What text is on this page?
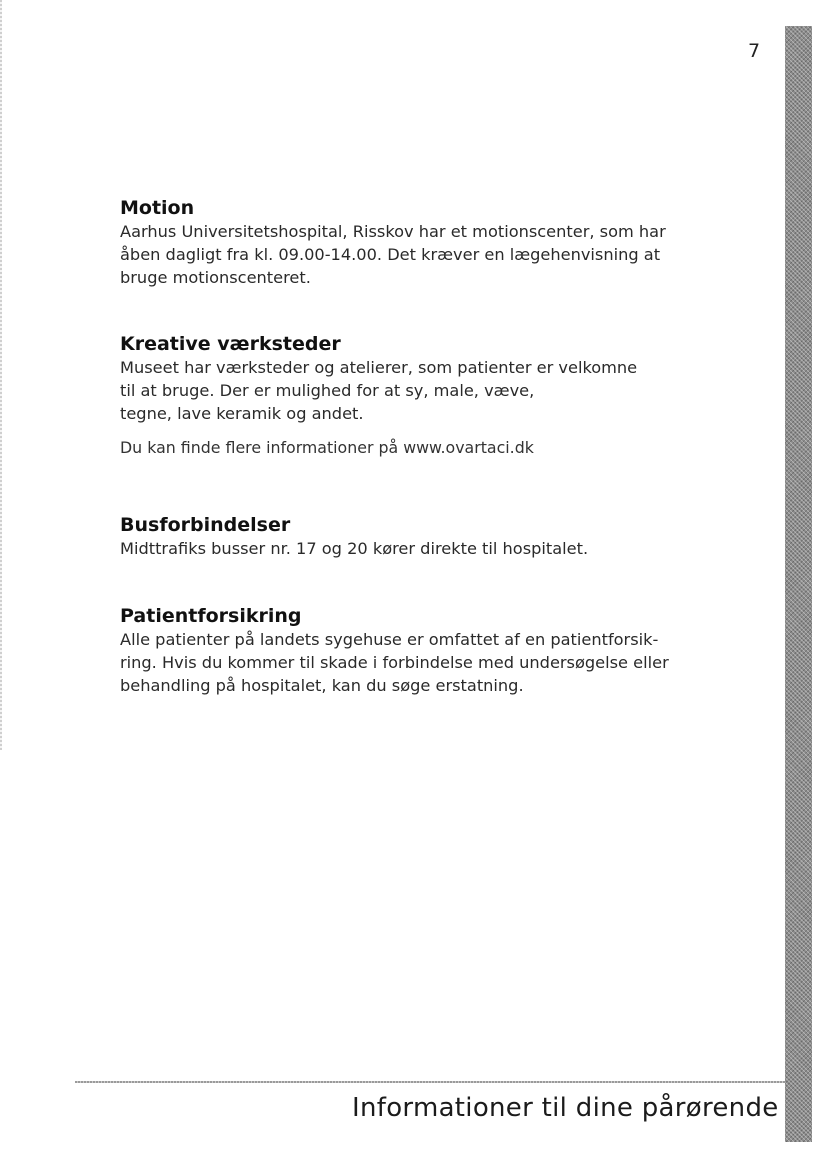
7
Motion

Aarhus Universitetshospital, Risskov har et motionscenter, som har
åben dagligt fra kl. 09.00-14.00. Det kræver en lægehenvisning at
bruge motionscenteret.

Kreative værksteder

Museet har værksteder og atelierer, som patienter er velkomne
til at bruge. Der er mulighed for at sy, male, væve,
tegne, lave keramik og andet.

Du kan finde flere informationer på www.ovartaci.dk

Busforbindelser

Midttrafiks busser nr. 17 og 20 kører direkte til hospitalet.

Patientforsikring

Alle patienter på landets sygehuse er omfattet af en patientforsik-
ring. Hvis du kommer til skade i forbindelse med undersøgelse eller
behandling på hospitalet, kan du søge erstatning.

Informationer til dine pårørende
